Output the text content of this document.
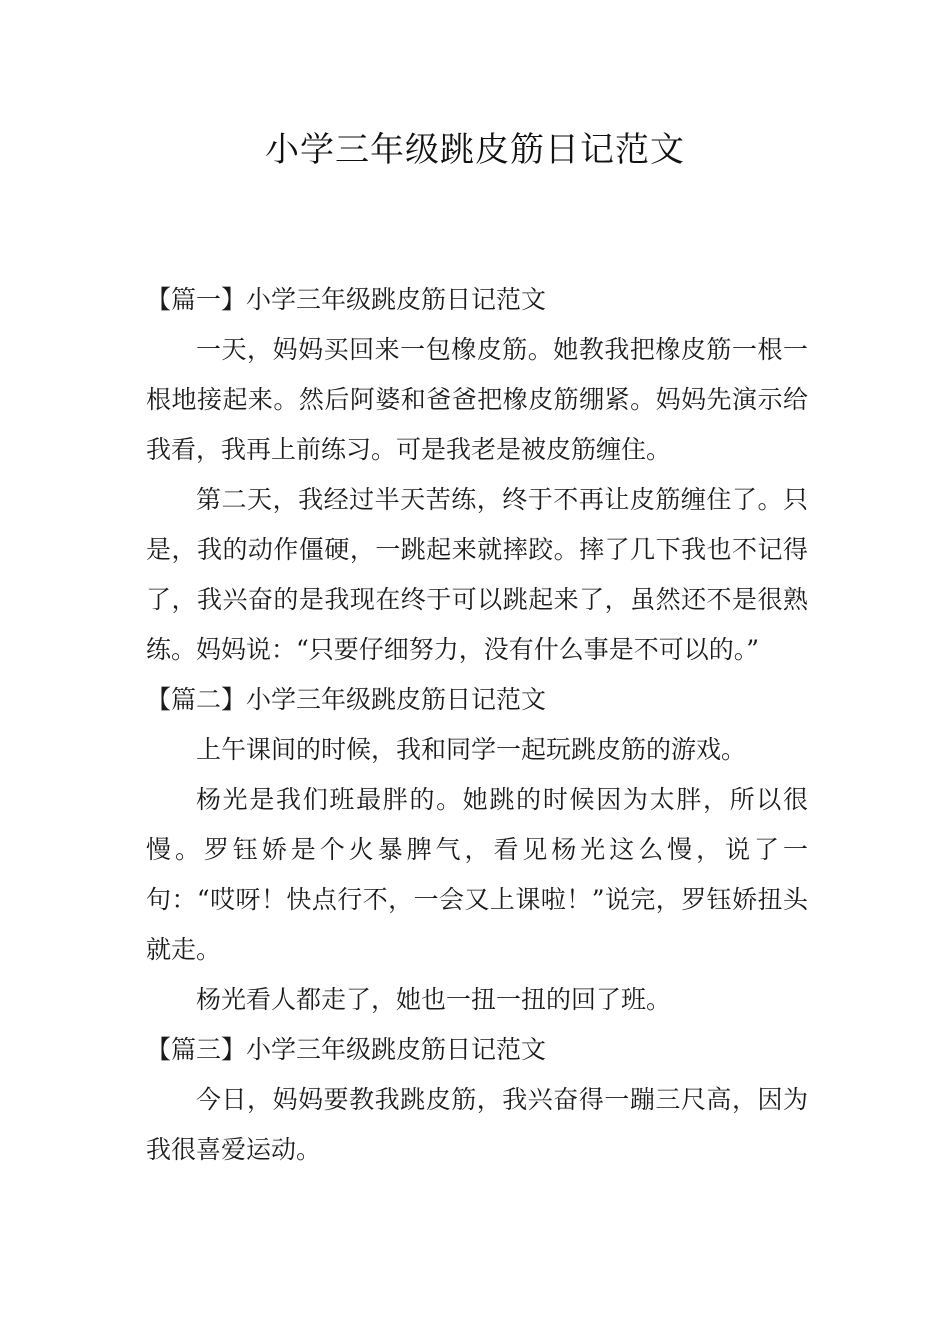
小学三年级跳皮筋日记范文

【篇一】小学三年级跳皮筋日记范文

一天，妈妈买回来一包橡皮筋。她教我把橡皮筋一根一根地接起来。然后阿婆和爸爸把橡皮筋绷紧。妈妈先演示给我看，我再上前练习。可是我老是被皮筋缠住。

第二天，我经过半天苦练，终于不再让皮筋缠住了。只是，我的动作僵硬，一跳起来就摔跤。摔了几下我也不记得了，我兴奋的是我现在终于可以跳起来了，虽然还不是很熟练。妈妈说：“只要仔细努力，没有什么事是不可以的。”

【篇二】小学三年级跳皮筋日记范文

上午课间的时候，我和同学一起玩跳皮筋的游戏。

杨光是我们班最胖的。她跳的时候因为太胖，所以很慢。罗钰娇是个火暴脾气，看见杨光这么慢，说了一句：“哎呀！快点行不，一会又上课啦！”说完，罗钰娇扭头就走。

杨光看人都走了，她也一扭一扭的回了班。

【篇三】小学三年级跳皮筋日记范文

今日，妈妈要教我跳皮筋，我兴奋得一蹦三尺高，因为我很喜爱运动。
